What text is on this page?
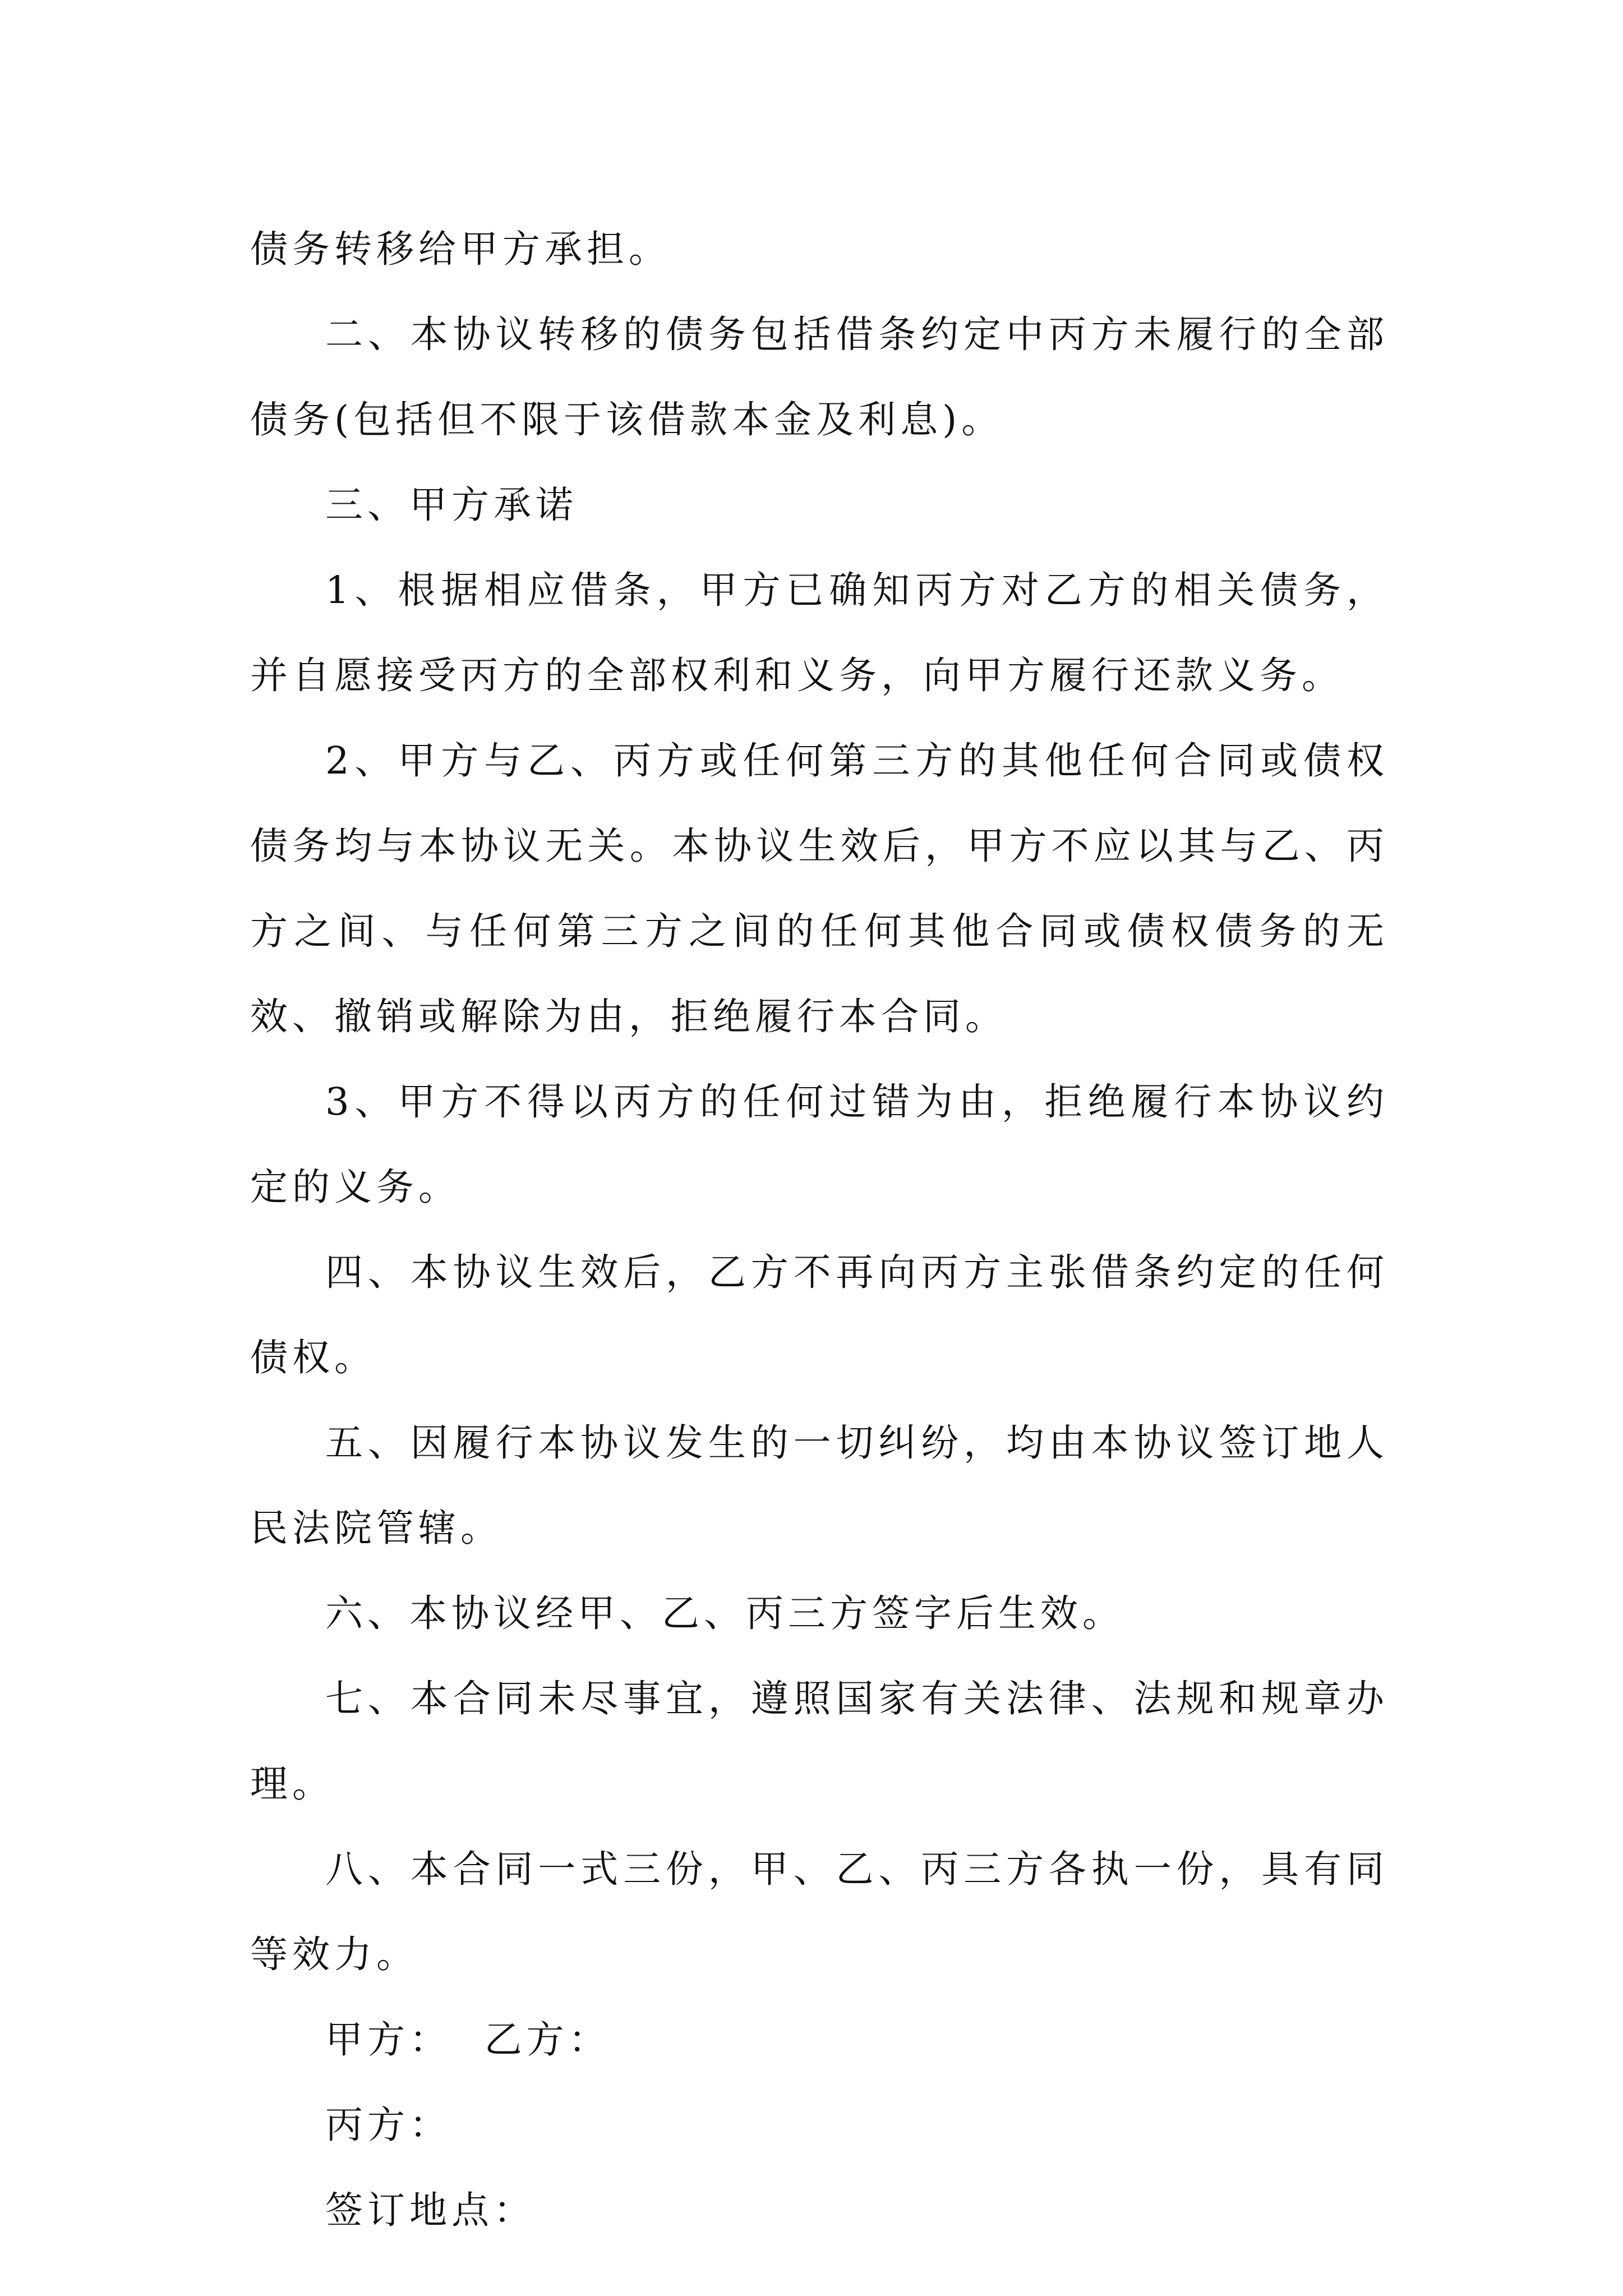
债务转移给甲方承担。

二、本协议转移的债务包括借条约定中丙方未履行的全部债务(包括但不限于该借款本金及利息)。

三、甲方承诺

1、根据相应借条，甲方已确知丙方对乙方的相关债务，并自愿接受丙方的全部权利和义务，向甲方履行还款义务。

2、甲方与乙、丙方或任何第三方的其他任何合同或债权债务均与本协议无关。本协议生效后，甲方不应以其与乙、丙方之间、与任何第三方之间的任何其他合同或债权债务的无效、撤销或解除为由，拒绝履行本合同。

3、甲方不得以丙方的任何过错为由，拒绝履行本协议约定的义务。

四、本协议生效后，乙方不再向丙方主张借条约定的任何债权。

五、因履行本协议发生的一切纠纷，均由本协议签订地人民法院管辖。

六、本协议经甲、乙、丙三方签字后生效。

七、本合同未尽事宜，遵照国家有关法律、法规和规章办理。

八、本合同一式三份，甲、乙、丙三方各执一份，具有同等效力。

甲方： 乙方：

丙方：

签订地点：
